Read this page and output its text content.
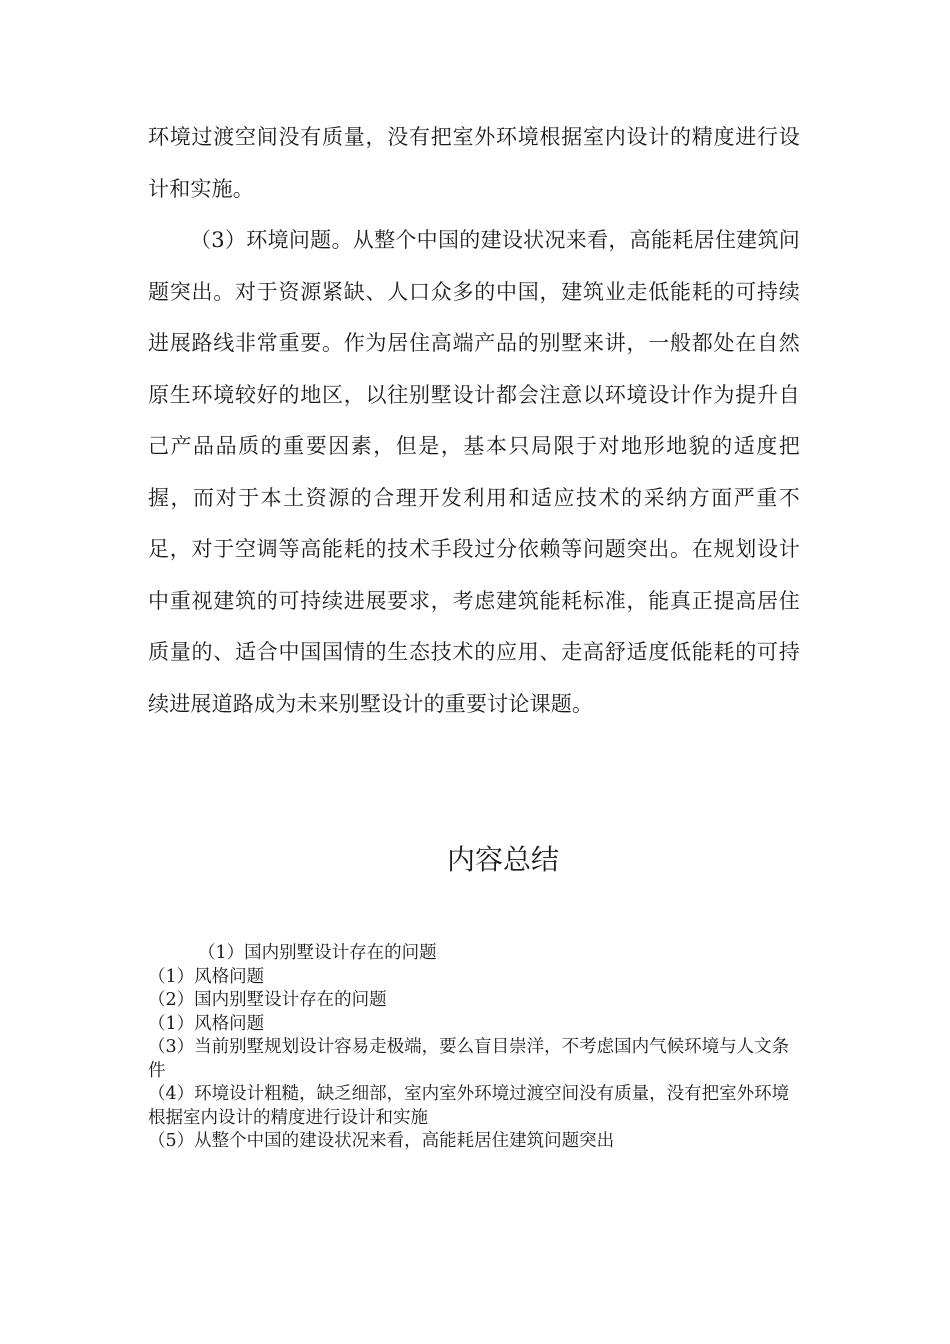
环境过渡空间没有质量，没有把室外环境根据室内设计的精度进行设计和实施。

（3）环境问题。从整个中国的建设状况来看，高能耗居住建筑问题突出。对于资源紧缺、人口众多的中国，建筑业走低能耗的可持续进展路线非常重要。作为居住高端产品的别墅来讲，一般都处在自然原生环境较好的地区，以往别墅设计都会注意以环境设计作为提升自己产品品质的重要因素，但是，基本只局限于对地形地貌的适度把握，而对于本土资源的合理开发利用和适应技术的采纳方面严重不足，对于空调等高能耗的技术手段过分依赖等问题突出。在规划设计中重视建筑的可持续进展要求，考虑建筑能耗标准，能真正提高居住质量的、适合中国国情的生态技术的应用、走高舒适度低能耗的可持续进展道路成为未来别墅设计的重要讨论课题。

内容总结
（1）国内别墅设计存在的问题
（1）风格问题
（2）国内别墅设计存在的问题
（1）风格问题
（3）当前别墅规划设计容易走极端，要么盲目崇洋，不考虑国内气候环境与人文条件
（4）环境设计粗糙，缺乏细部，室内室外环境过渡空间没有质量，没有把室外环境根据室内设计的精度进行设计和实施
（5）从整个中国的建设状况来看，高能耗居住建筑问题突出
